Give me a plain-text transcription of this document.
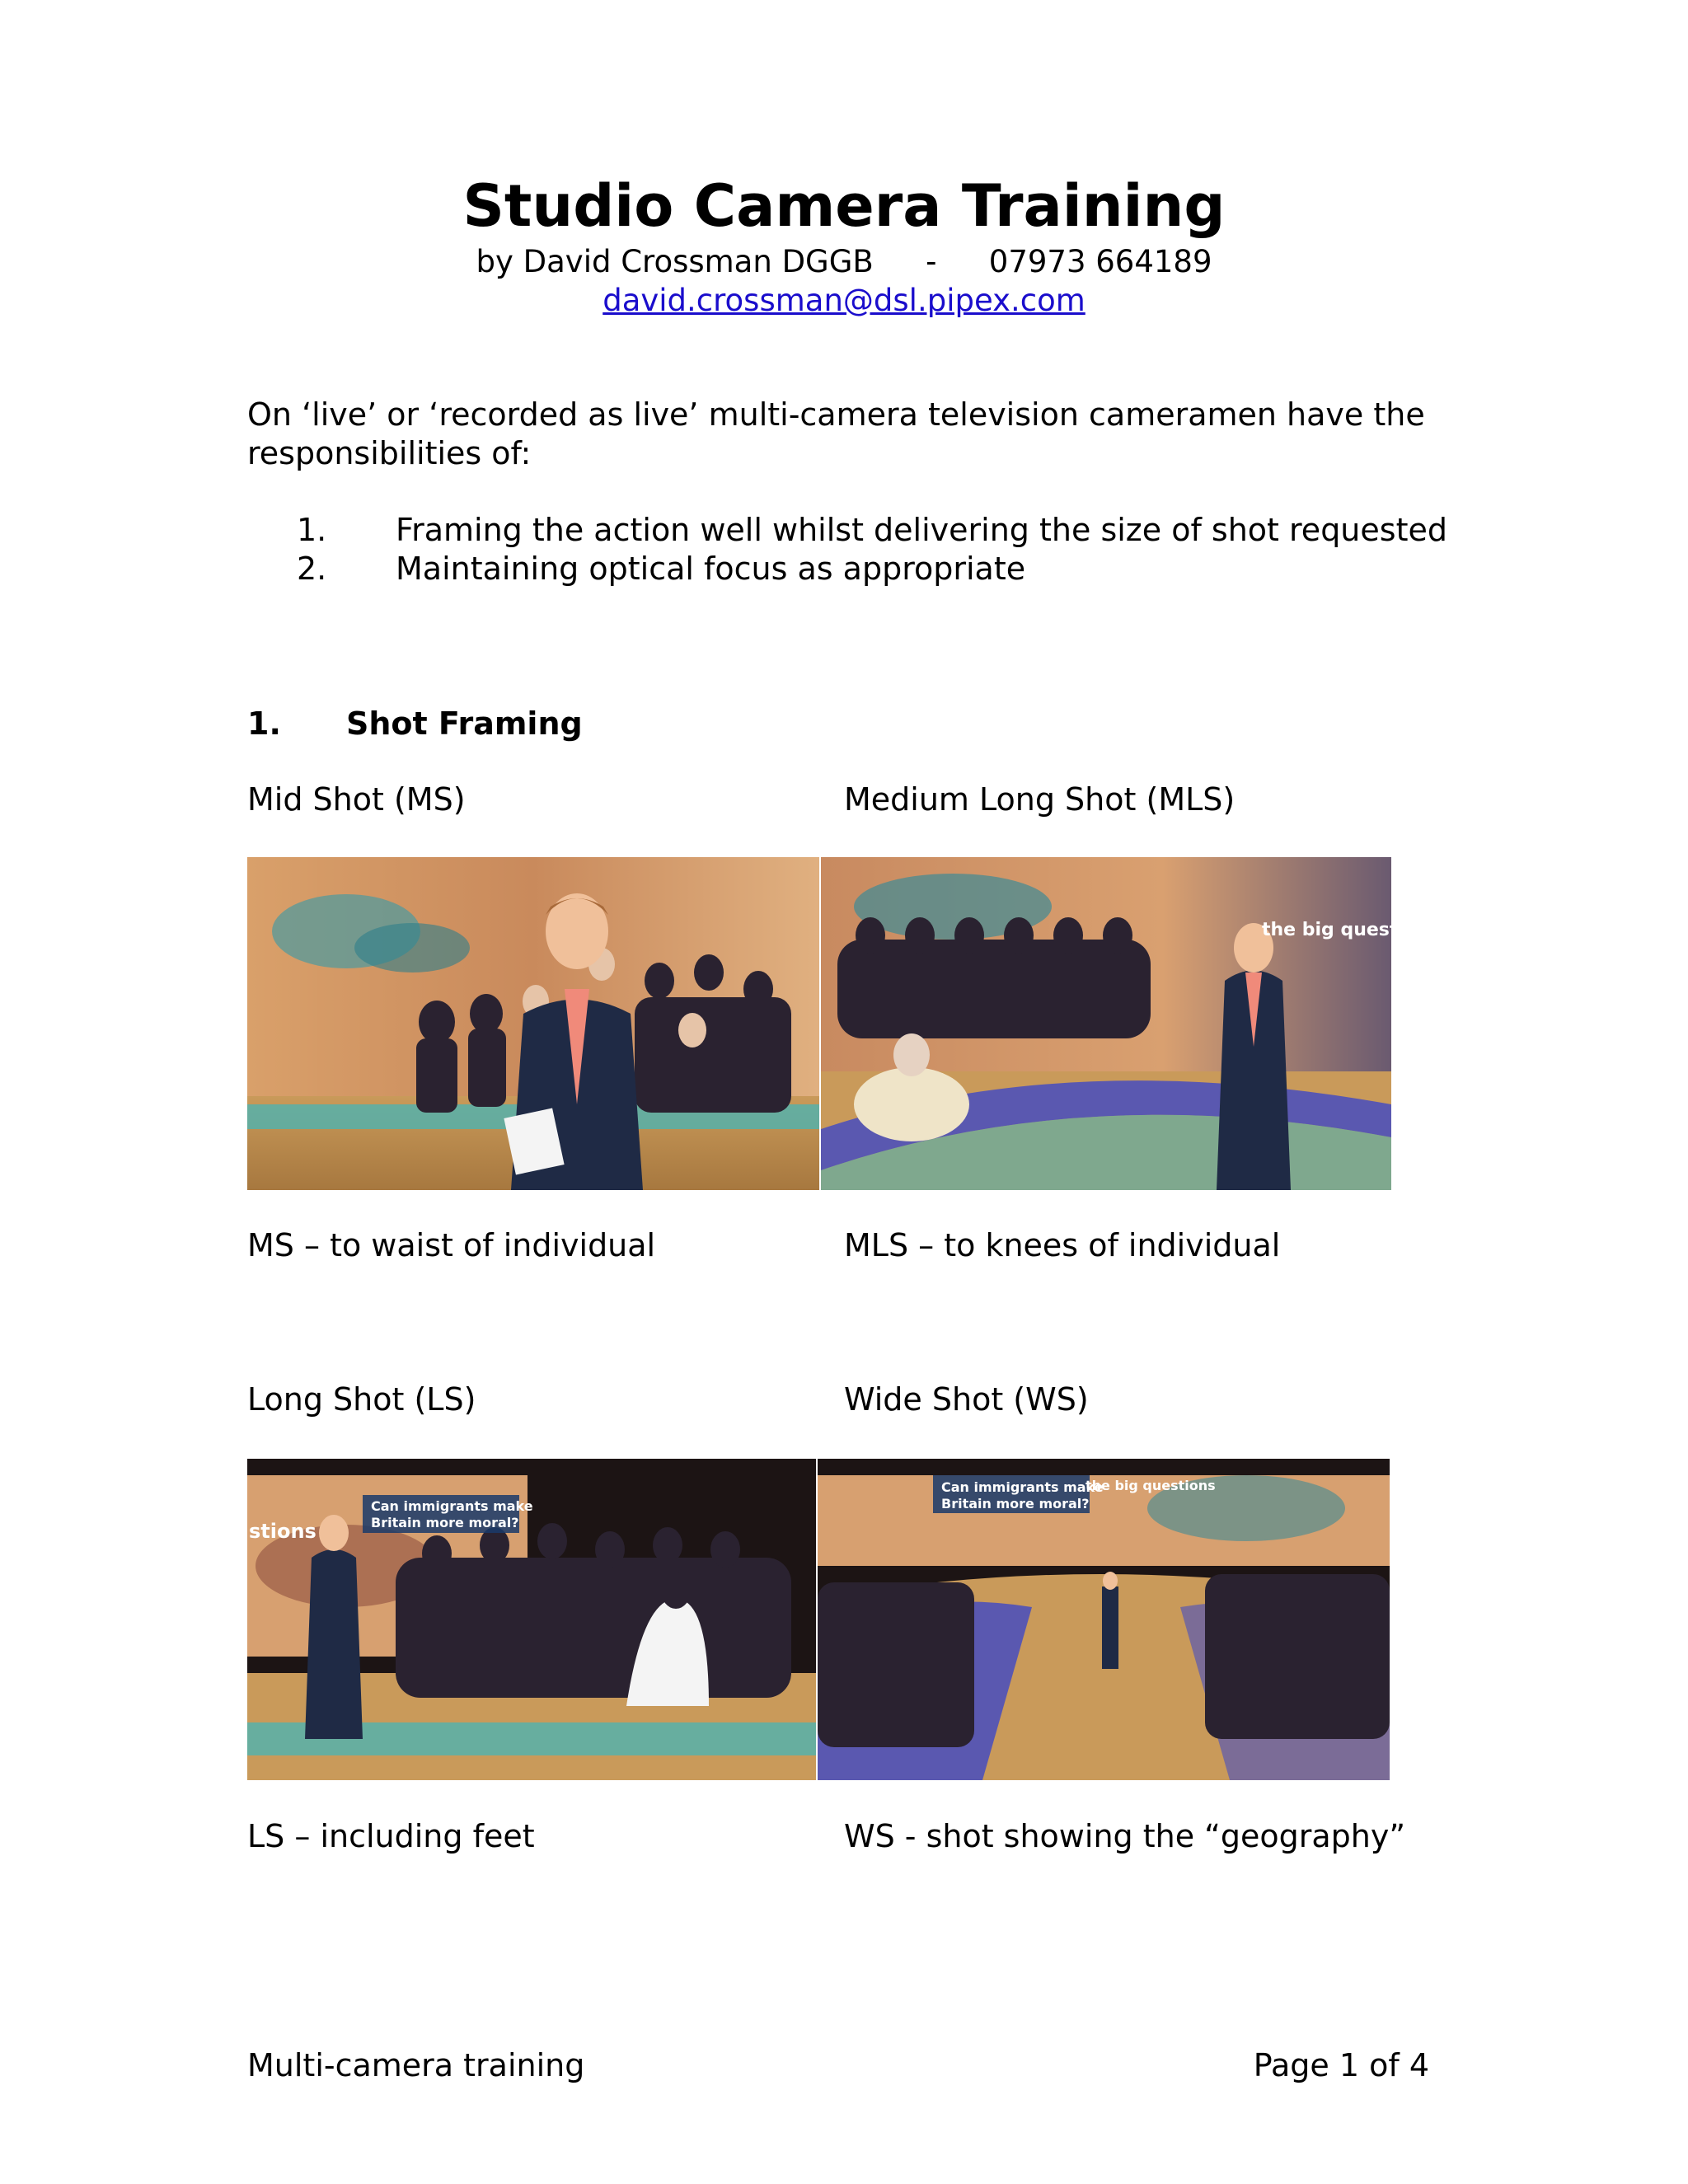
Studio Camera Training
by David Crossman DGGB - 07973 664189
david.crossman@dsl.pipex.com

On ‘live’ or ‘recorded as live’ multi-camera television cameramen have the responsibilities of:

1. Framing the action well whilst delivering the size of shot requested
2. Maintaining optical focus as appropriate
1. Shot Framing
Mid Shot (MS)	Medium Long Shot (MLS)
the big questions
MS – to waist of individual	MLS – to knees of individual
Long Shot (LS)	Wide Shot (WS)
Can immigrants make
Britain more moral?
stions
Can immigrants make
Britain more moral?
the big questions
LS – including feet	WS - shot showing the “geography”
Multi-camera training	Page 1 of 4
